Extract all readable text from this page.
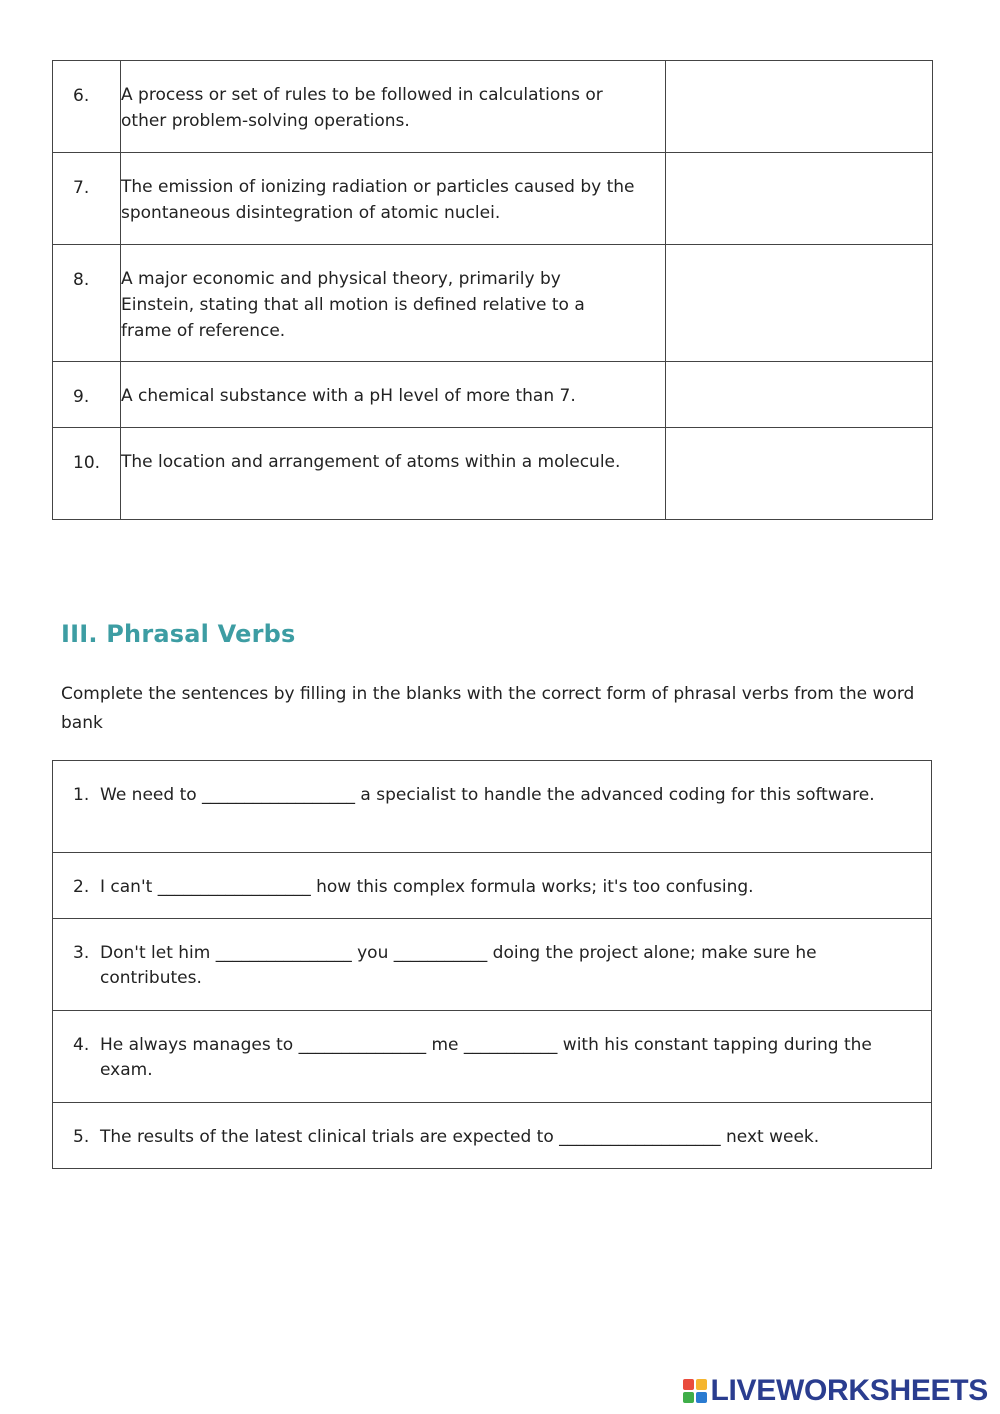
6.	A process or set of rules to be followed in calculations or other problem-solving operations.	
7.	The emission of ionizing radiation or particles caused by the spontaneous disintegration of atomic nuclei.	
8.	A major economic and physical theory, primarily by Einstein, stating that all motion is defined relative to a frame of reference.	
9.	A chemical substance with a pH level of more than 7.	
10.	The location and arrangement of atoms within a molecule.	
III. Phrasal Verbs

Complete the sentences by filling in the blanks with the correct form of phrasal verbs from the word bank

1. We need to __________________ a specialist to handle the advanced coding for this software.

2. I can't __________________ how this complex formula works; it's too confusing.

3. Don't let him ________________ you ___________ doing the project alone; make sure he contributes.

4. He always manages to _______________ me ___________ with his constant tapping during the exam.

5. The results of the latest clinical trials are expected to ___________________ next week.
LIVEWORKSHEETS
